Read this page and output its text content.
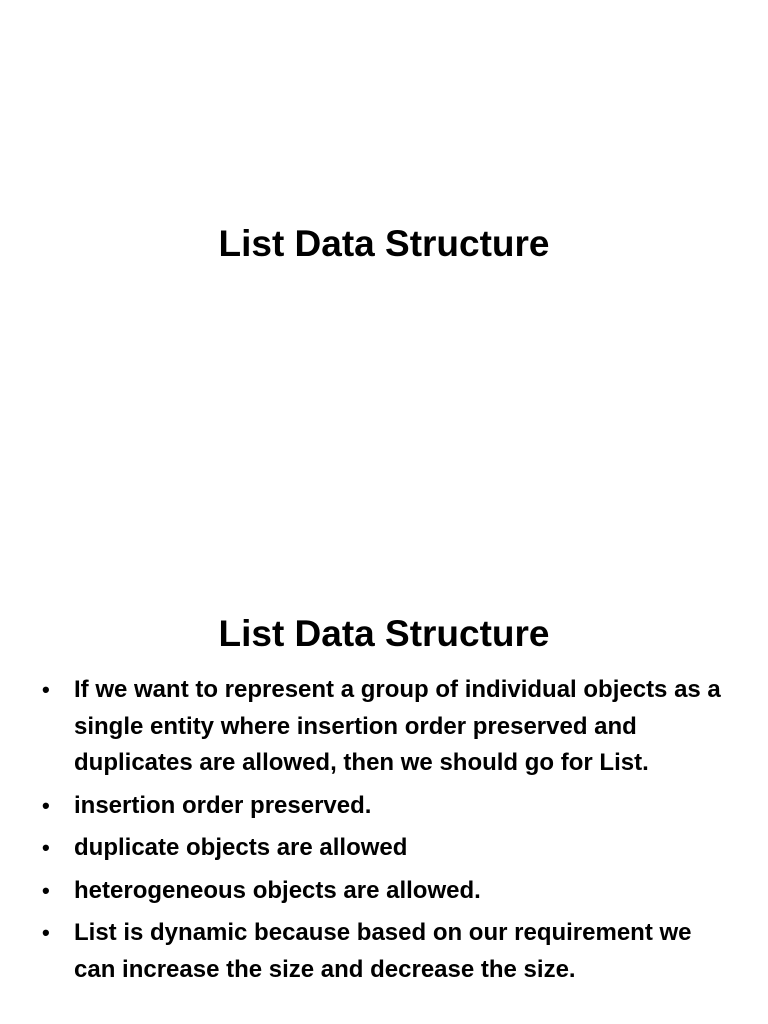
List Data Structure
List Data Structure
• If we want to represent a group of individual objects as a single entity where insertion order preserved and duplicates are allowed, then we should go for List.
• insertion order preserved.
• duplicate objects are allowed
• heterogeneous objects are allowed.
• List is dynamic because based on our requirement we can increase the size and decrease the size.
